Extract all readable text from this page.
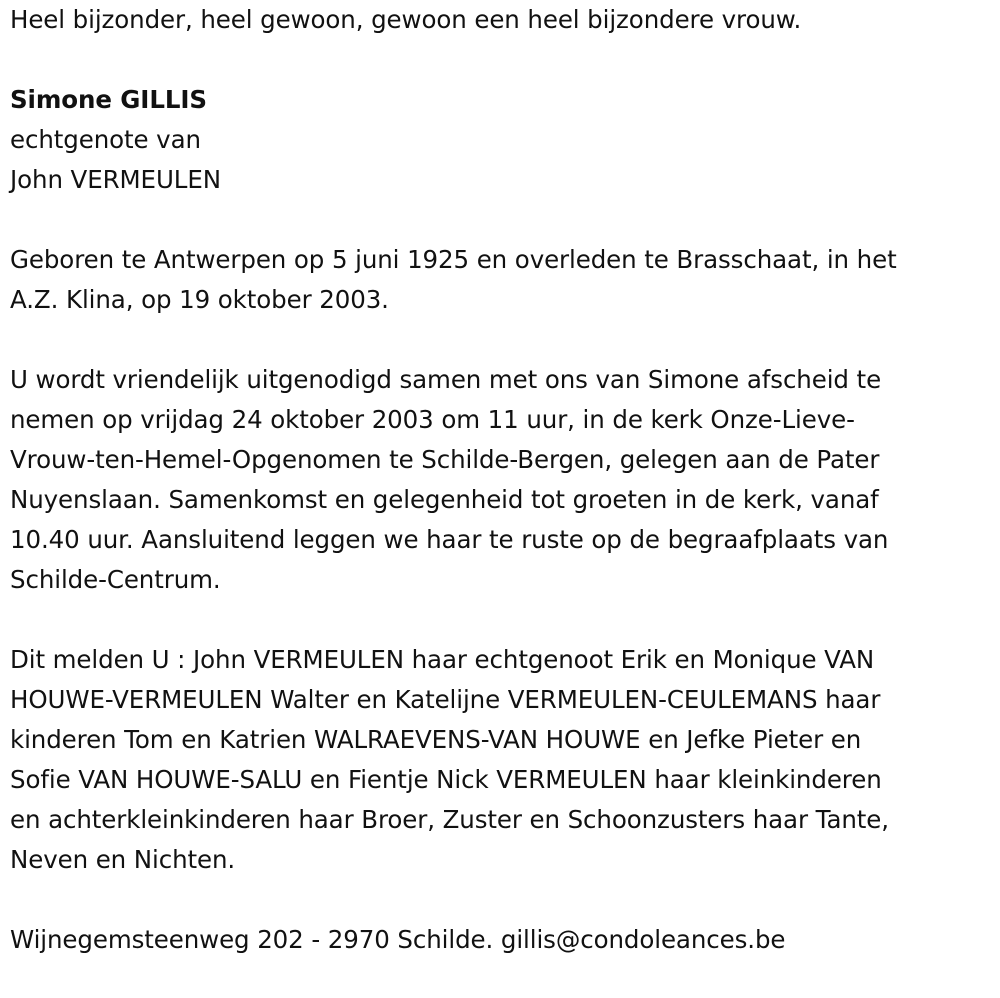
Heel bijzonder, heel gewoon, gewoon een heel bijzondere vrouw.
Simone GILLIS
echtgenote van
John VERMEULEN
Geboren te Antwerpen op 5 juni 1925 en overleden te Brasschaat, in het
A.Z. Klina, op 19 oktober 2003.
U wordt vriendelijk uitgenodigd samen met ons van Simone afscheid te
nemen op vrijdag 24 oktober 2003 om 11 uur, in de kerk Onze-Lieve-
Vrouw-ten-Hemel-Opgenomen te Schilde-Bergen, gelegen aan de Pater
Nuyenslaan. Samenkomst en gelegenheid tot groeten in de kerk, vanaf
10.40 uur. Aansluitend leggen we haar te ruste op de begraafplaats van
Schilde-Centrum.
Dit melden U : John VERMEULEN haar echtgenoot Erik en Monique VAN
HOUWE-VERMEULEN Walter en Katelijne VERMEULEN-CEULEMANS haar
kinderen Tom en Katrien WALRAEVENS-VAN HOUWE en Jefke Pieter en
Sofie VAN HOUWE-SALU en Fientje Nick VERMEULEN haar kleinkinderen
en achterkleinkinderen haar Broer, Zuster en Schoonzusters haar Tante,
Neven en Nichten.
Wijnegemsteenweg 202 - 2970 Schilde. gillis@condoleances.be
